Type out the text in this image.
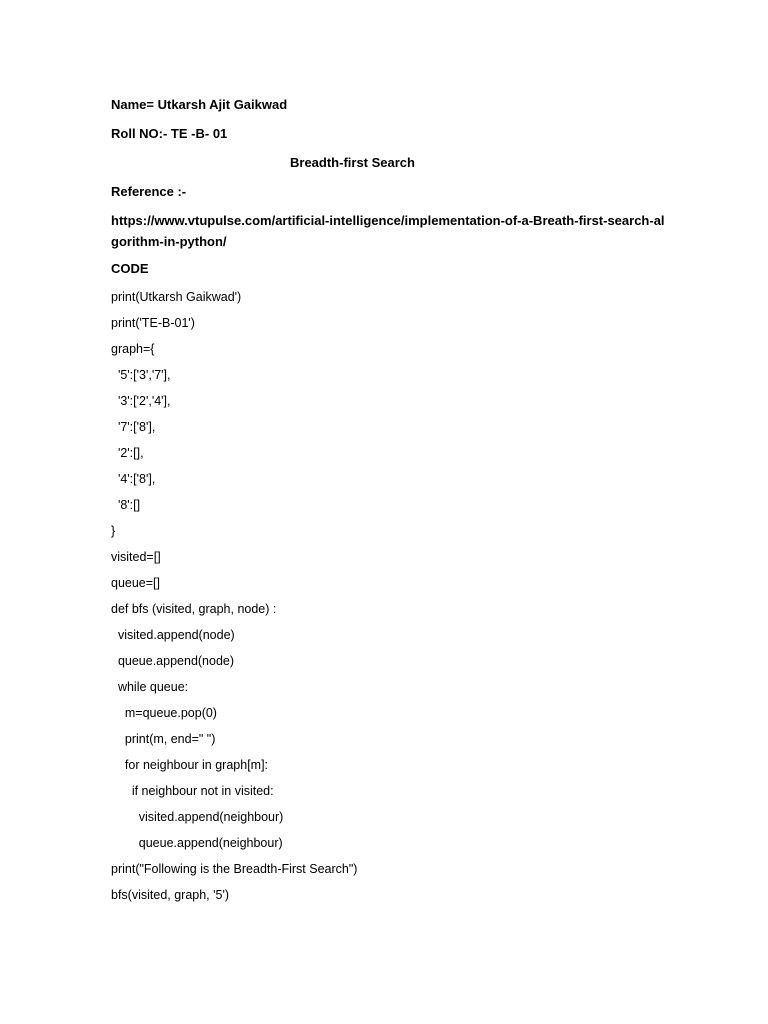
Name= Utkarsh Ajit Gaikwad
Roll NO:- TE -B- 01
Breadth-first Search
Reference :-
https://www.vtupulse.com/artificial-intelligence/implementation-of-a-Breath-first-search-algorithm-in-python/
CODE
print(Utkarsh Gaikwad')
print('TE-B-01')
graph={
'5':['3','7'],
'3':['2','4'],
'7':['8'],
'2':[],
'4':['8'],
'8':[]
}
visited=[]
queue=[]
def bfs (visited, graph, node) :
visited.append(node)
queue.append(node)
while queue:
m=queue.pop(0)
print(m, end=" ")
for neighbour in graph[m]:
if neighbour not in visited:
visited.append(neighbour)
queue.append(neighbour)
print("Following is the Breadth-First Search")
bfs(visited, graph, '5')
